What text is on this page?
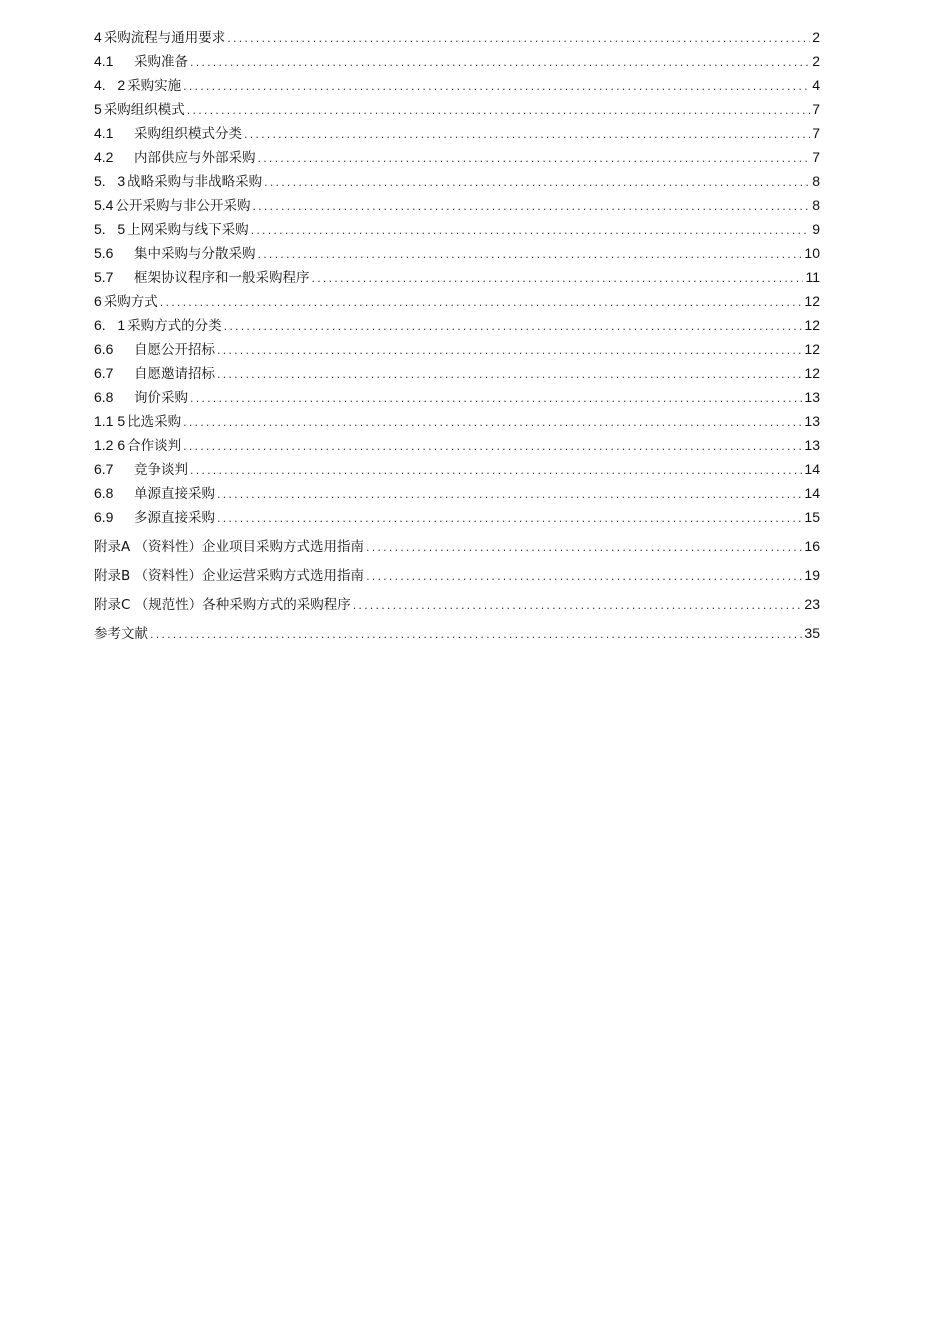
4 采购流程与通用要求 .....	2
4.1	采购准备 .....	2
4.   2 采购实施 .....	4
5 采购组织模式 .....	7
4.1	采购组织模式分类 .....	7
4.2	内部供应与外部采购 .....	7
5.   3 战略采购与非战略采购 .....	8
5.4 公开采购与非公开采购 .....	8
5.   5 上网采购与线下采购 .....	9
5.6	集中采购与分散采购 .....	10
5.7	框架协议程序和一般采购程序 .....	11
6 采购方式 .....	12
6.   1 采购方式的分类 .....	12
6.6	自愿公开招标 .....	12
6.7	自愿邀请招标 .....	12
6.8	询价采购 .....	13
1.1 5 比选采购 .....	13
1.2 6 合作谈判 .....	13
6.7	竞争谈判 .....	14
6.8	单源直接采购 .....	14
6.9	多源直接采购 .....	15
附录A （资料性）企业项目采购方式选用指南 .....	16
附录B （资料性）企业运营采购方式选用指南 .....	19
附录C （规范性）各种采购方式的采购程序 .....	23
参考文献 .....	35
